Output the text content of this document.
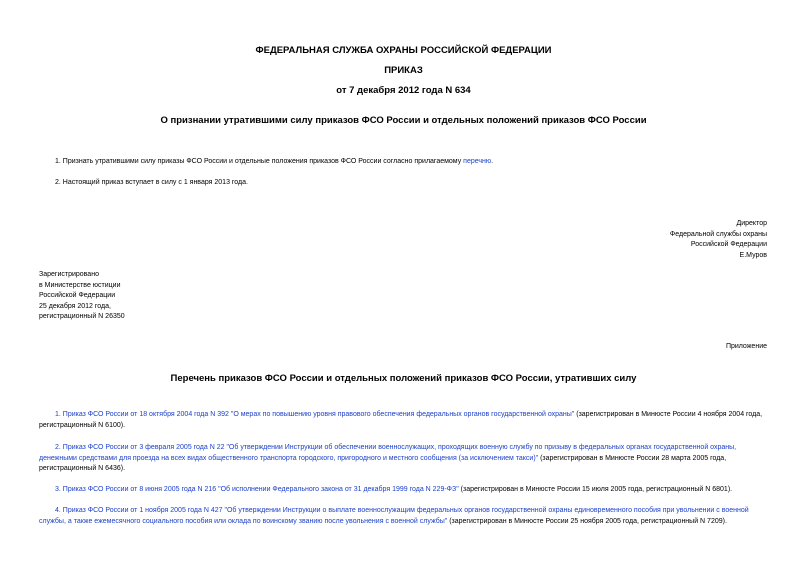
ФЕДЕРАЛЬНАЯ СЛУЖБА ОХРАНЫ РОССИЙСКОЙ ФЕДЕРАЦИИ
ПРИКАЗ
от 7 декабря 2012 года N 634
О признании утратившими силу приказов ФСО России и отдельных положений приказов ФСО России
1. Признать утратившими силу приказы ФСО России и отдельные положения приказов ФСО России согласно прилагаемому перечню.
2. Настоящий приказ вступает в силу с 1 января 2013 года.
Директор
Федеральной службы охраны
Российской Федерации
Е.Муров
Зарегистрировано
в Министерстве юстиции
Российской Федерации
25 декабря 2012 года,
регистрационный N 26350
Приложение
Перечень приказов ФСО России и отдельных положений приказов ФСО России, утративших силу
1. Приказ ФСО России от 18 октября 2004 года N 392 "О мерах по повышению уровня правового обеспечения федеральных органов государственной охраны" (зарегистрирован в Минюсте России 4 ноября 2004 года, регистрационный N 6100).
2. Приказ ФСО России от 3 февраля 2005 года N 22 "Об утверждении Инструкции об обеспечении военнослужащих, проходящих военную службу по призыву в федеральных органах государственной охраны, денежными средствами для проезда на всех видах общественного транспорта городского, пригородного и местного сообщения (за исключением такси)" (зарегистрирован в Минюсте России 28 марта 2005 года, регистрационный N 6436).
3. Приказ ФСО России от 8 июня 2005 года N 216 "Об исполнении Федерального закона от 31 декабря 1999 года N 229-ФЗ" (зарегистрирован в Минюсте России 15 июля 2005 года, регистрационный N 6801).
4. Приказ ФСО России от 1 ноября 2005 года N 427 "Об утверждении Инструкции о выплате военнослужащим федеральных органов государственной охраны единовременного пособия при увольнении с военной службы, а также ежемесячного социального пособия или оклада по воинскому званию после увольнения с военной службы" (зарегистрирован в Минюсте России 25 ноября 2005 года, регистрационный N 7209).
